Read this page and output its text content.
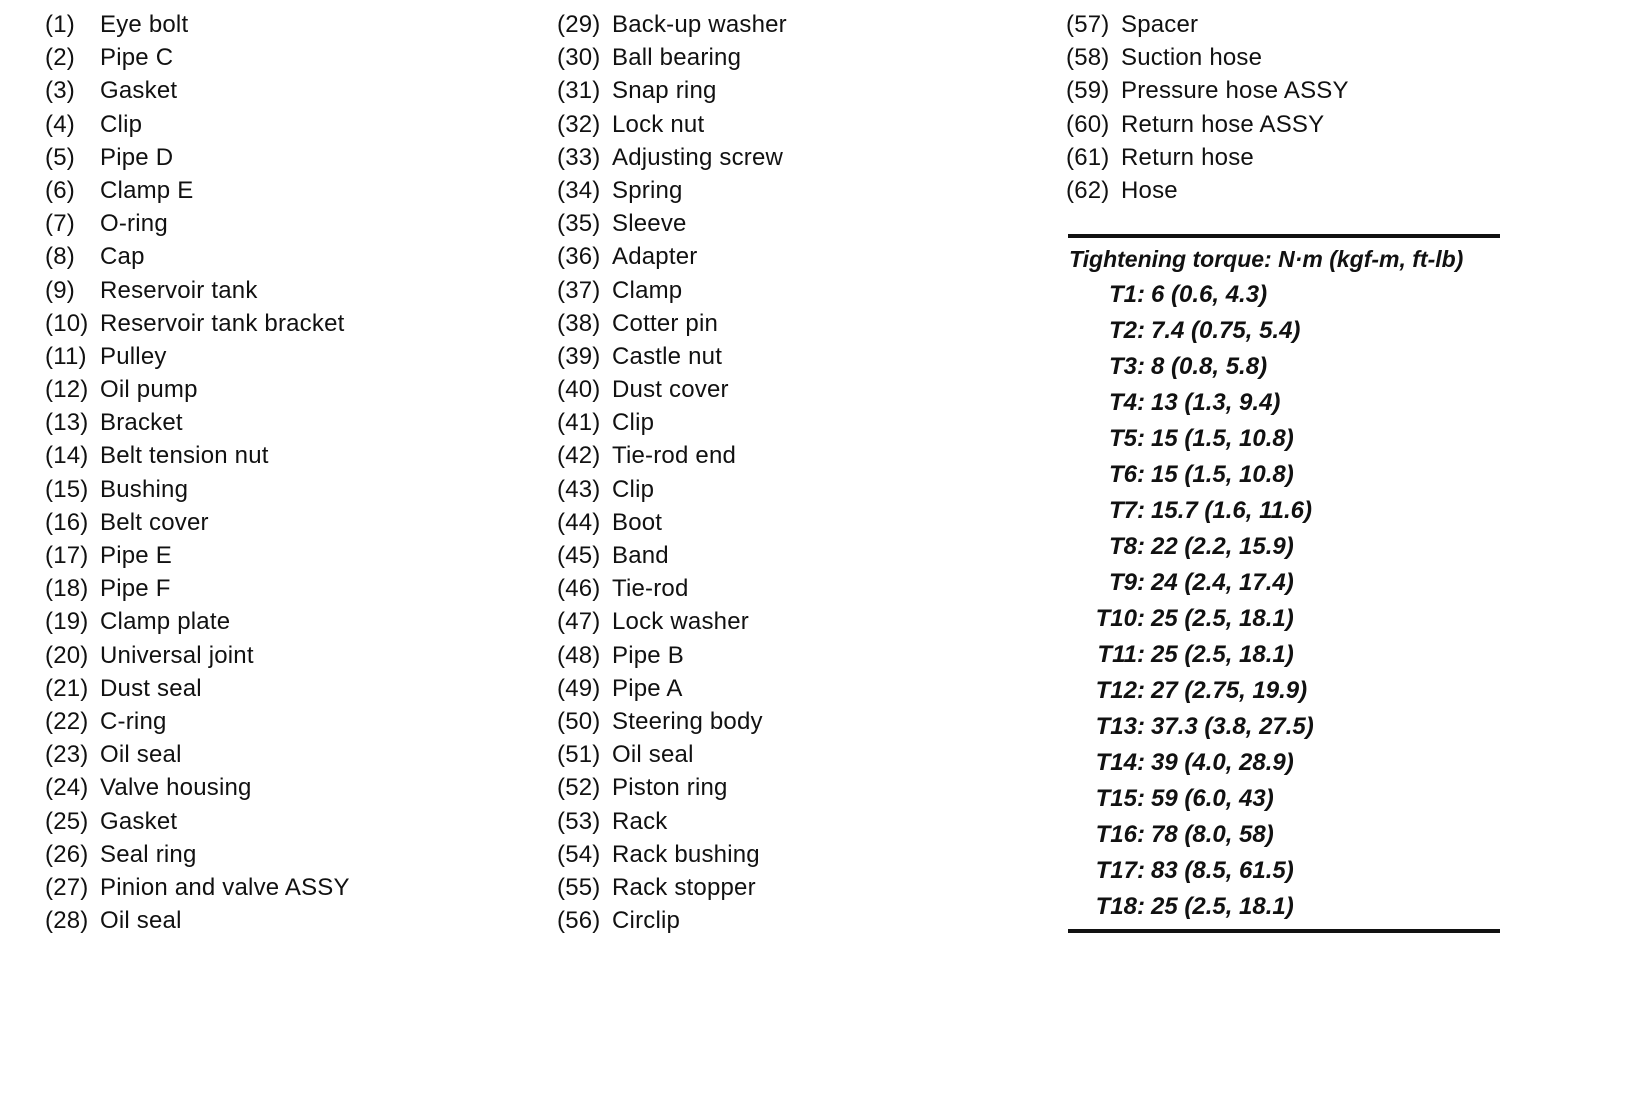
(1) Eye bolt
(2) Pipe C
(3) Gasket
(4) Clip
(5) Pipe D
(6) Clamp E
(7) O-ring
(8) Cap
(9) Reservoir tank
(10) Reservoir tank bracket
(11) Pulley
(12) Oil pump
(13) Bracket
(14) Belt tension nut
(15) Bushing
(16) Belt cover
(17) Pipe E
(18) Pipe F
(19) Clamp plate
(20) Universal joint
(21) Dust seal
(22) C-ring
(23) Oil seal
(24) Valve housing
(25) Gasket
(26) Seal ring
(27) Pinion and valve ASSY
(28) Oil seal
(29) Back-up washer
(30) Ball bearing
(31) Snap ring
(32) Lock nut
(33) Adjusting screw
(34) Spring
(35) Sleeve
(36) Adapter
(37) Clamp
(38) Cotter pin
(39) Castle nut
(40) Dust cover
(41) Clip
(42) Tie-rod end
(43) Clip
(44) Boot
(45) Band
(46) Tie-rod
(47) Lock washer
(48) Pipe B
(49) Pipe A
(50) Steering body
(51) Oil seal
(52) Piston ring
(53) Rack
(54) Rack bushing
(55) Rack stopper
(56) Circlip
(57) Spacer
(58) Suction hose
(59) Pressure hose ASSY
(60) Return hose ASSY
(61) Return hose
(62) Hose
Tightening torque: N·m (kgf-m, ft-lb)
T1: 6 (0.6, 4.3)
T2: 7.4 (0.75, 5.4)
T3: 8 (0.8, 5.8)
T4: 13 (1.3, 9.4)
T5: 15 (1.5, 10.8)
T6: 15 (1.5, 10.8)
T7: 15.7 (1.6, 11.6)
T8: 22 (2.2, 15.9)
T9: 24 (2.4, 17.4)
T10: 25 (2.5, 18.1)
T11: 25 (2.5, 18.1)
T12: 27 (2.75, 19.9)
T13: 37.3 (3.8, 27.5)
T14: 39 (4.0, 28.9)
T15: 59 (6.0, 43)
T16: 78 (8.0, 58)
T17: 83 (8.5, 61.5)
T18: 25 (2.5, 18.1)
